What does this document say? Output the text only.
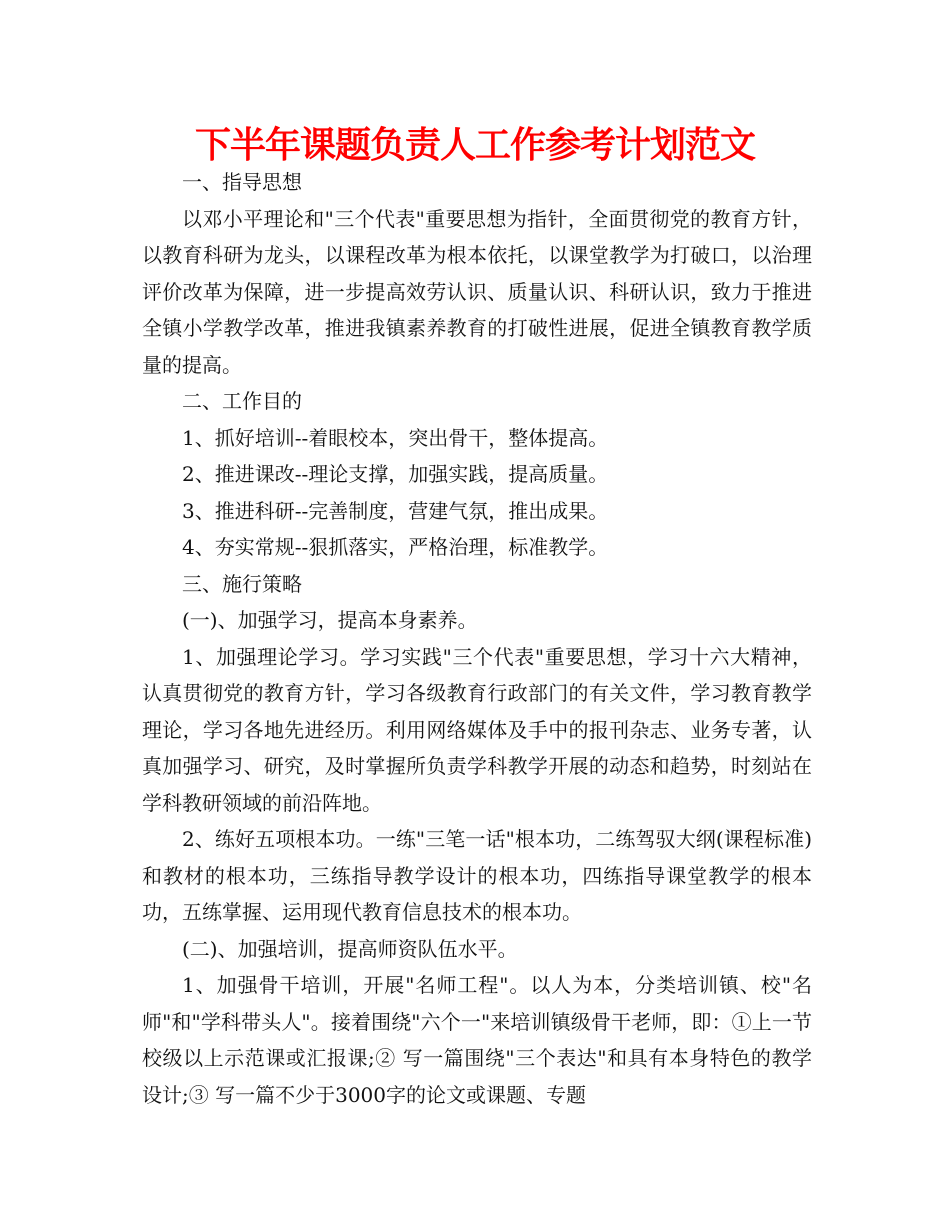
下半年课题负责人工作参考计划范文

一、指导思想

以邓小平理论和"三个代表"重要思想为指针，全面贯彻党的教育方针，以教育科研为龙头，以课程改革为根本依托，以课堂教学为打破口，以治理评价改革为保障，进一步提高效劳认识、质量认识、科研认识，致力于推进全镇小学教学改革，推进我镇素养教育的打破性进展，促进全镇教育教学质量的提高。

二、工作目的

1、抓好培训--着眼校本，突出骨干，整体提高。

2、推进课改--理论支撑，加强实践，提高质量。

3、推进科研--完善制度，营建气氛，推出成果。

4、夯实常规--狠抓落实，严格治理，标准教学。

三、施行策略

(一)、加强学习，提高本身素养。

1、加强理论学习。学习实践"三个代表"重要思想，学习十六大精神，认真贯彻党的教育方针，学习各级教育行政部门的有关文件，学习教育教学理论，学习各地先进经历。利用网络媒体及手中的报刊杂志、业务专著，认真加强学习、研究，及时掌握所负责学科教学开展的动态和趋势，时刻站在学科教研领域的前沿阵地。

2、练好五项根本功。一练"三笔一话"根本功，二练驾驭大纲(课程标准)和教材的根本功，三练指导教学设计的根本功，四练指导课堂教学的根本功，五练掌握、运用现代教育信息技术的根本功。

(二)、加强培训，提高师资队伍水平。

1、加强骨干培训，开展"名师工程"。以人为本，分类培训镇、校"名师"和"学科带头人"。接着围绕"六个一"来培训镇级骨干老师，即：①上一节校级以上示范课或汇报课;② 写一篇围绕"三个表达"和具有本身特色的教学设计;③ 写一篇不少于3000字的论文或课题、专题
